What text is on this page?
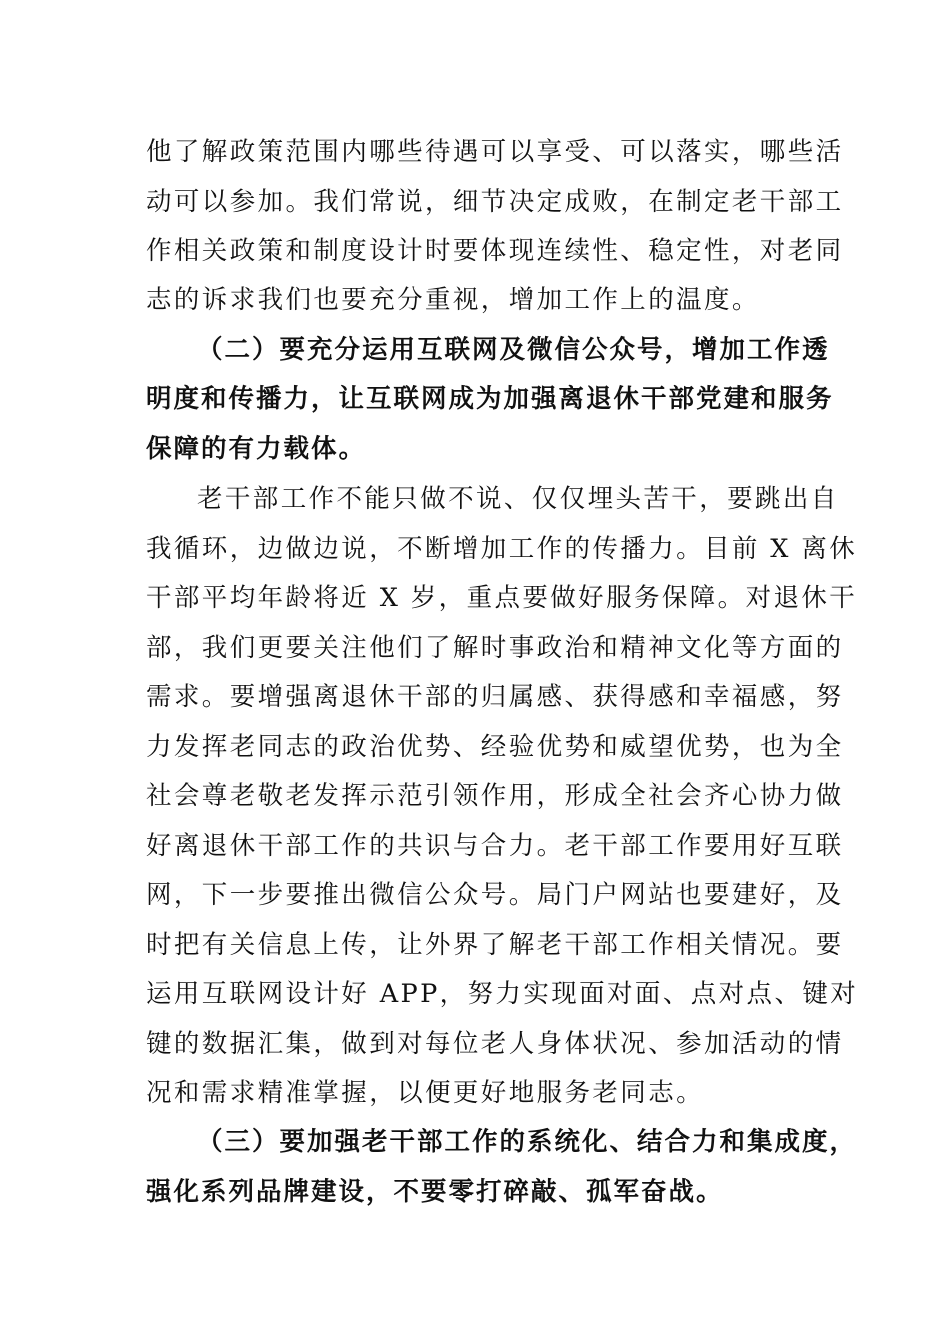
他了解政策范围内哪些待遇可以享受、可以落实，哪些活
动可以参加。我们常说，细节决定成败，在制定老干部工
作相关政策和制度设计时要体现连续性、稳定性，对老同
志的诉求我们也要充分重视，增加工作上的温度。
（二）要充分运用互联网及微信公众号，增加工作透
明度和传播力，让互联网成为加强离退休干部党建和服务
保障的有力载体。
老干部工作不能只做不说、仅仅埋头苦干，要跳出自
我循环，边做边说，不断增加工作的传播力。目前 X 离休
干部平均年龄将近 X 岁，重点要做好服务保障。对退休干
部，我们更要关注他们了解时事政治和精神文化等方面的
需求。要增强离退休干部的归属感、获得感和幸福感，努
力发挥老同志的政治优势、经验优势和威望优势，也为全
社会尊老敬老发挥示范引领作用，形成全社会齐心协力做
好离退休干部工作的共识与合力。老干部工作要用好互联
网，下一步要推出微信公众号。局门户网站也要建好，及
时把有关信息上传，让外界了解老干部工作相关情况。要
运用互联网设计好 APP，努力实现面对面、点对点、键对
键的数据汇集，做到对每位老人身体状况、参加活动的情
况和需求精准掌握，以便更好地服务老同志。
（三）要加强老干部工作的系统化、结合力和集成度，
强化系列品牌建设，不要零打碎敲、孤军奋战。
